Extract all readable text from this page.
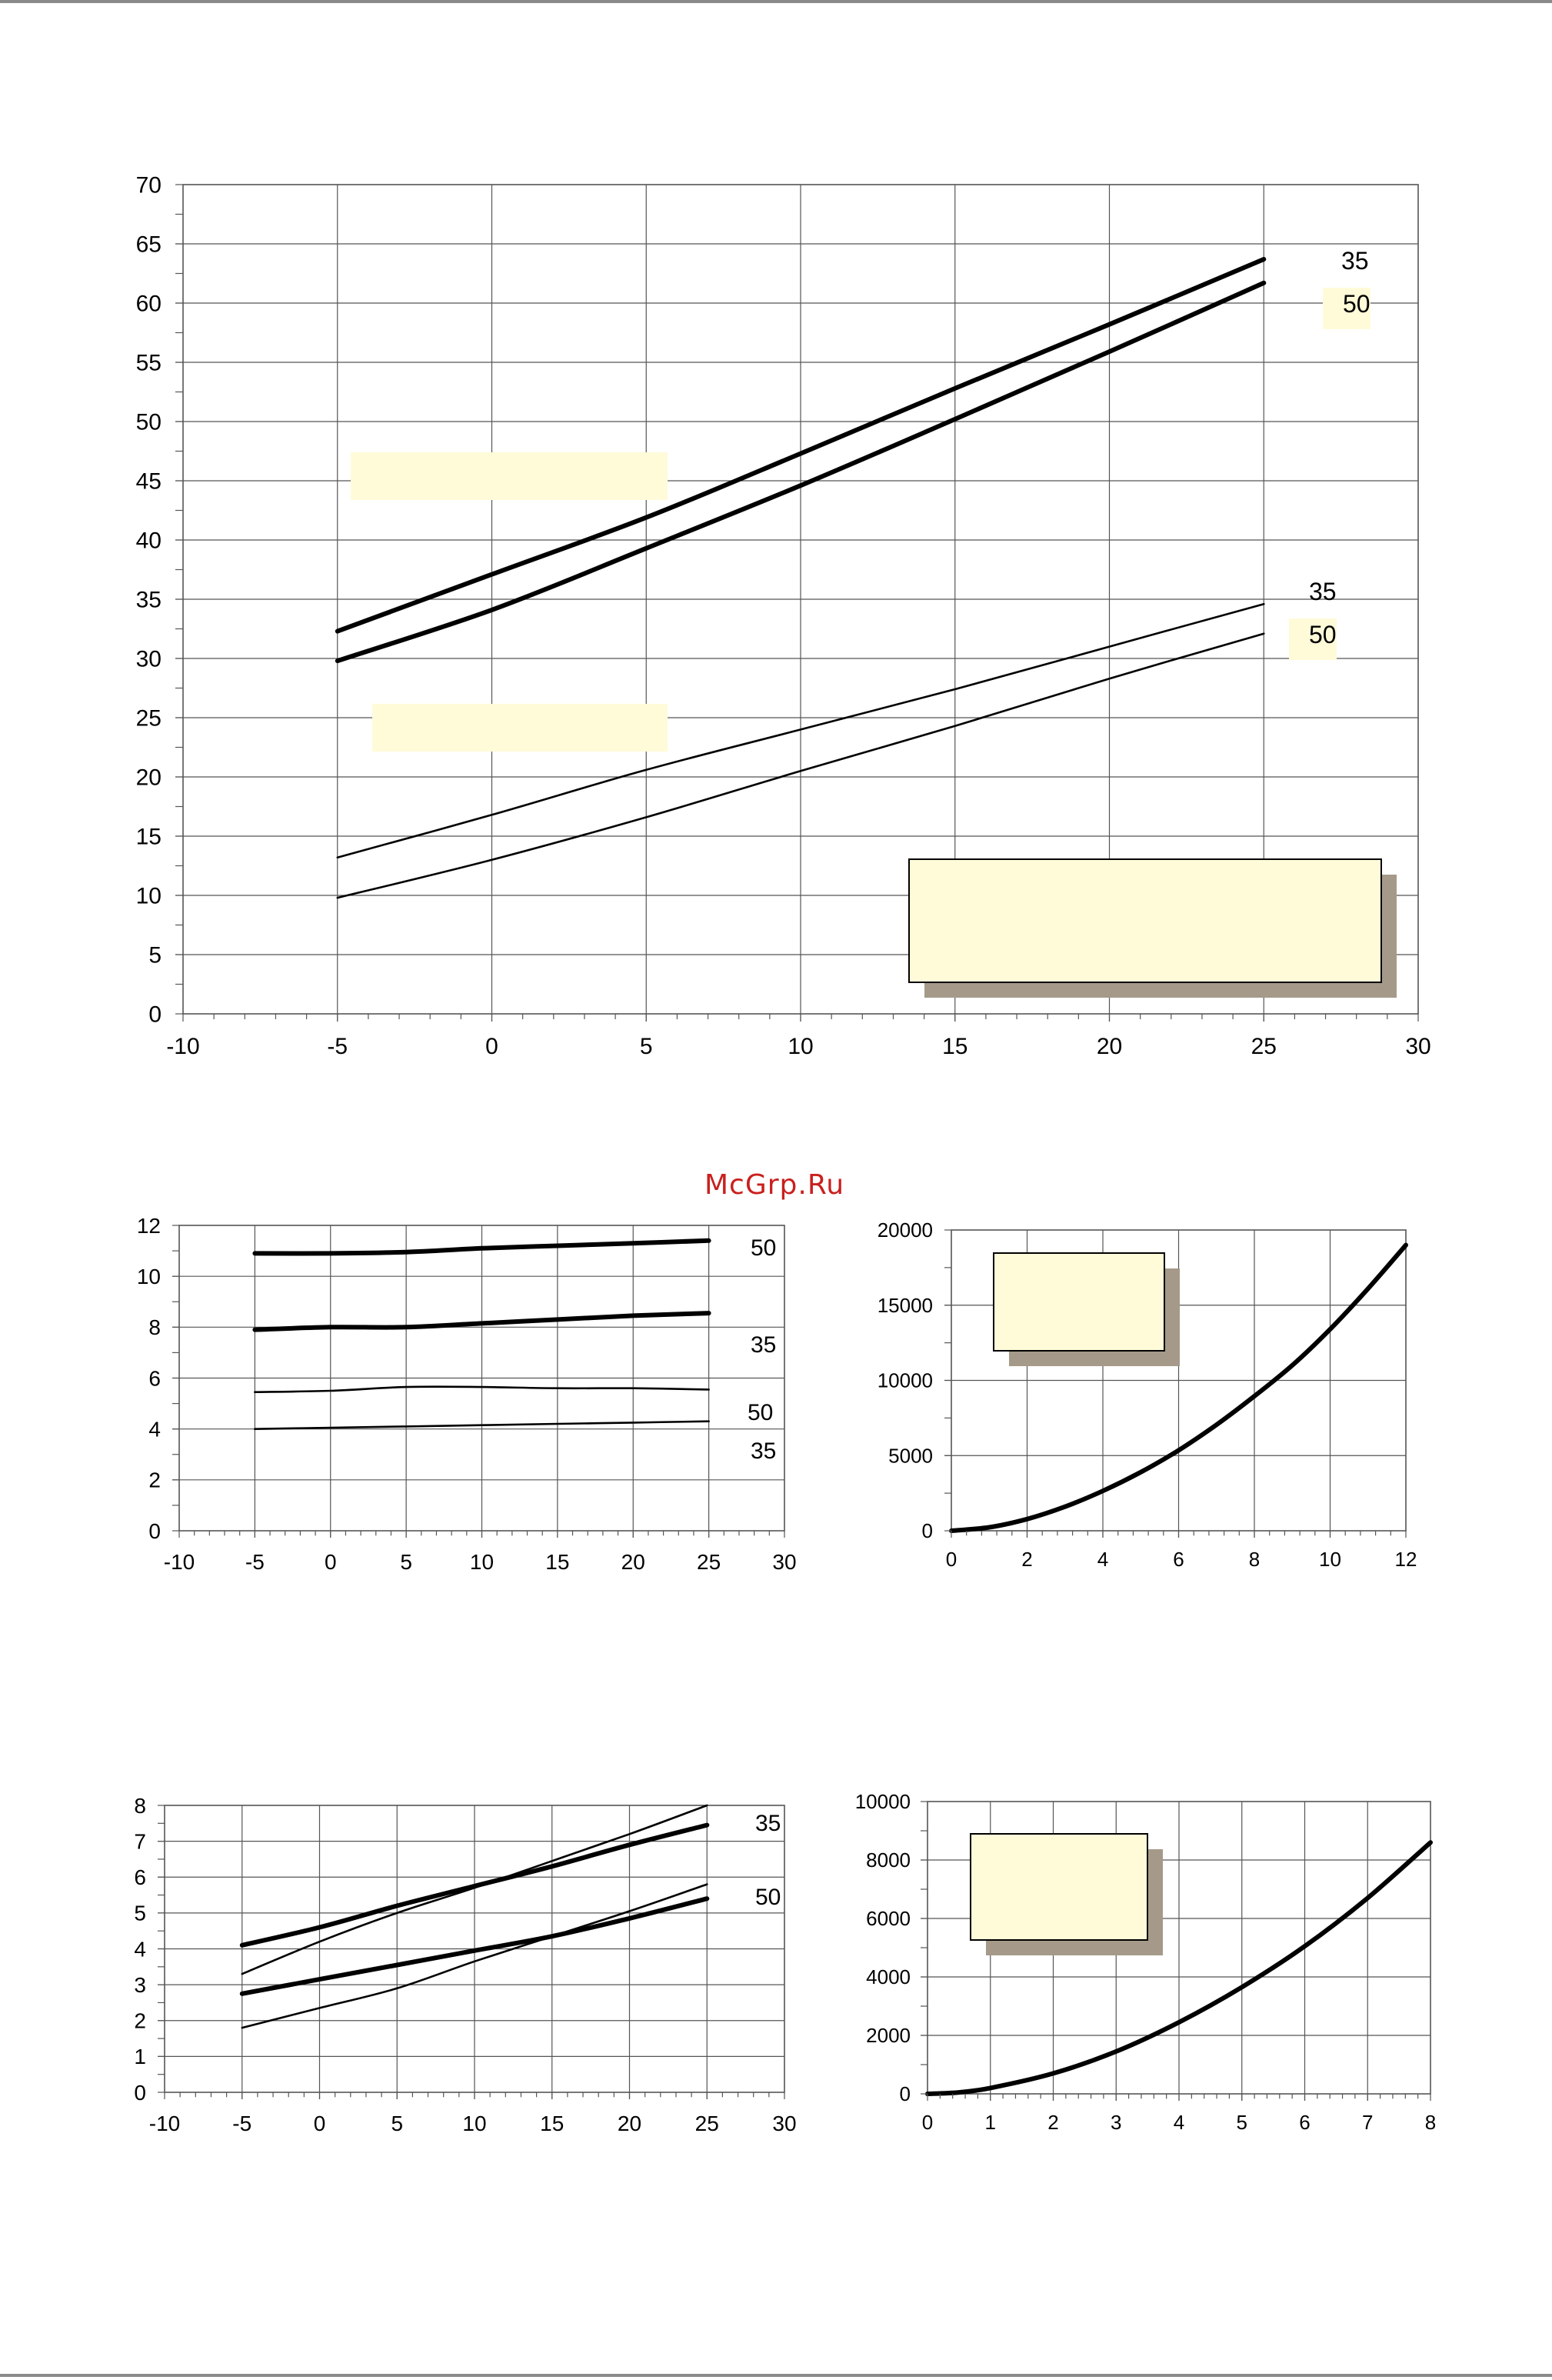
McGrp.Ru
-10	-5	0	5	10	15	20	25	30
0
5
10
15
20
25
30
35
40
45
50
55
60
65
70
35
50
35
50
-10 -5	0	5	10 15 20 25 30
0
2
4
6
8
10
12
50
35
50
35
0	2	4	6	8	10	12
0
5000
10000
15000
20000
-10 -5	0	5	10 15 20 25 30
0
1
2
3
4
5
6
7
8
35
50
0	1	2	3	4	5	6	7	8
0
2000
4000
6000
8000
10000
